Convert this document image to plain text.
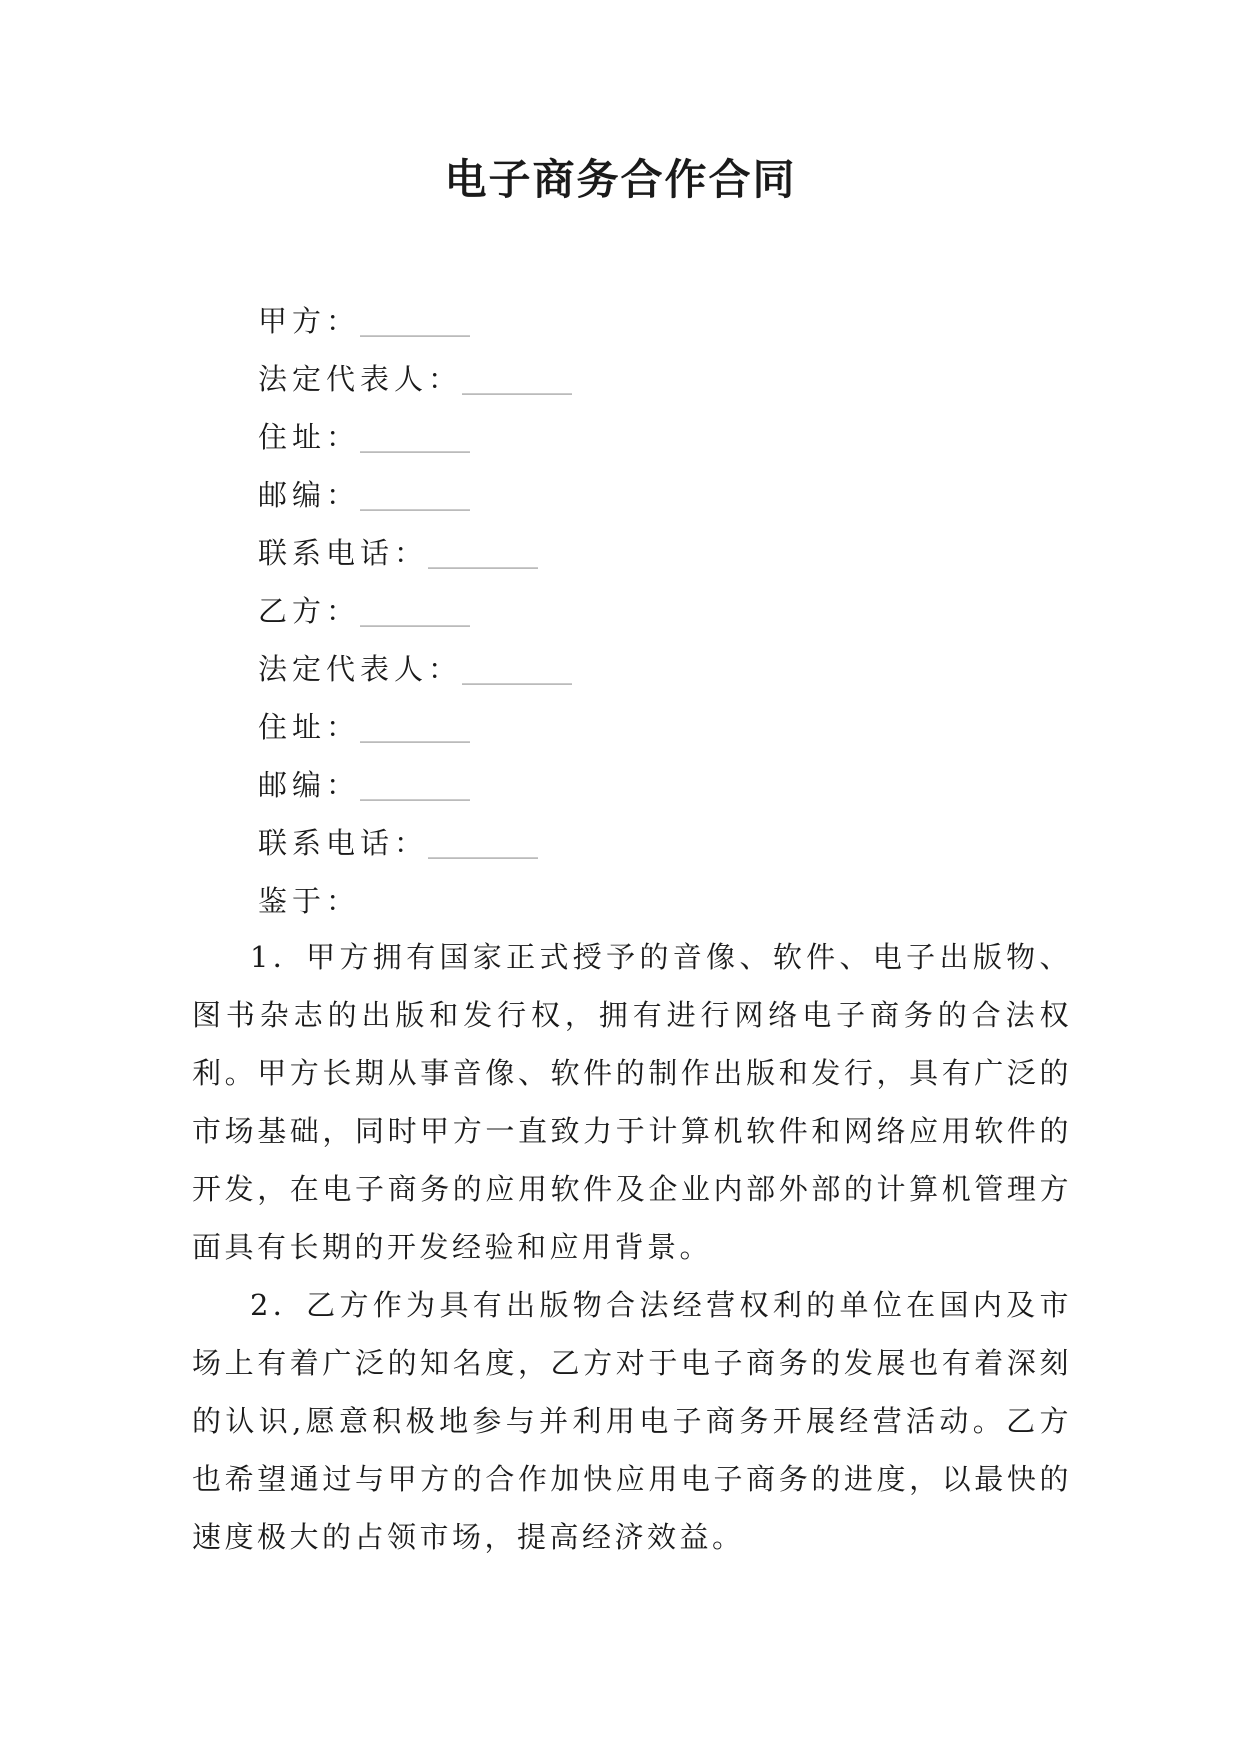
电子商务合作合同
甲方：__________
法定代表人：__________
住址：__________
邮编：__________
联系电话：__________
乙方：__________
法定代表人：__________
住址：__________
邮编：__________
联系电话：__________
鉴于：

1．甲方拥有国家正式授予的音像、软件、电子出版物、图书杂志的出版和发行权，拥有进行网络电子商务的合法权利。甲方长期从事音像、软件的制作出版和发行，具有广泛的市场基础，同时甲方一直致力于计算机软件和网络应用软件的开发，在电子商务的应用软件及企业内部外部的计算机管理方面具有长期的开发经验和应用背景。

2．乙方作为具有出版物合法经营权利的单位在国内及市场上有着广泛的知名度，乙方对于电子商务的发展也有着深刻的认识,愿意积极地参与并利用电子商务开展经营活动。乙方也希望通过与甲方的合作加快应用电子商务的进度，以最快的速度极大的占领市场，提高经济效益。
